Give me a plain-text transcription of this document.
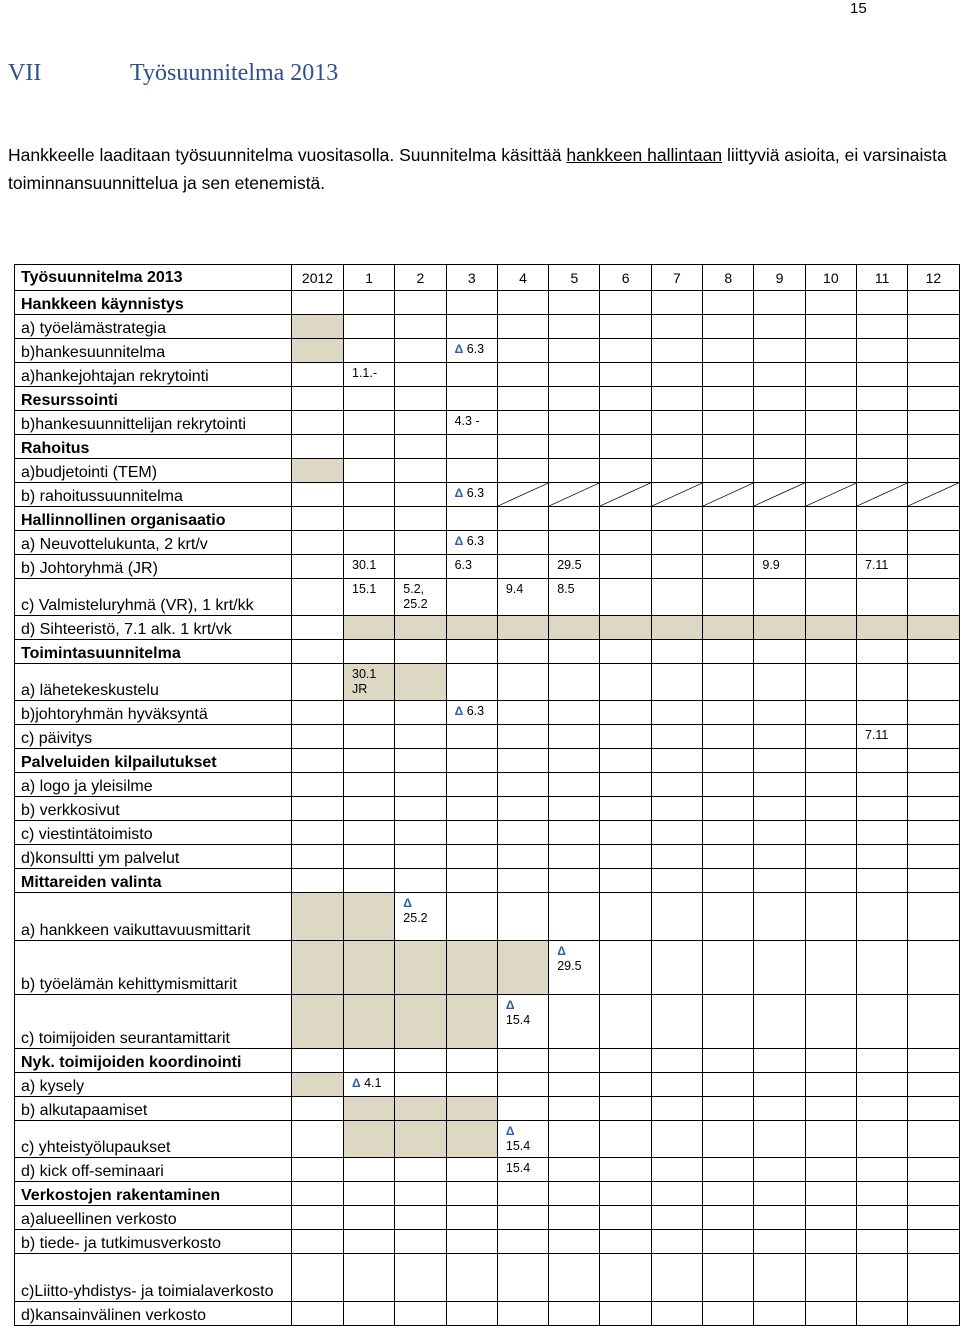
15
VII	Työsuunnitelma 2013
Hankkeelle laaditaan työsuunnitelma vuositasolla. Suunnitelma käsittää hankkeen hallintaan liittyviä asioita, ei varsinaista toiminnansuunnittelua ja sen etenemistä.
Työsuunnitelma 2013	2012	1	2	3	4	5	6	7	8	9	10	11	12
Hankkeen käynnistys													
a) työelämästrategia													
b)hankesuunnitelma				Δ 6.3									

a)hankejohtajan rekrytointi		1.1.-											

Resurssointi													
b)hankesuunnittelijan rekrytointi				4.3 -									

Rahoitus													
a)budjetointi (TEM)													
b) rahoitussuunnitelma				Δ 6.3

Hallinnollinen organisaatio													
a) Neuvottelukunta, 2 krt/v				Δ 6.3									

b) Johtoryhmä (JR)		30.1		6.3		29.5				9.9		7.11	

c) Valmisteluryhmä (VR), 1 krt/kk		15.1	5.2, 25.2		9.4	8.5							

d) Sihteeristö, 7.1 alk. 1 krt/vk													
Toimintasuunnitelma													
a) lähetekeskustelu		30.1 JR											

b)johtoryhmän hyväksyntä				Δ 6.3									

c) päivitys												7.11	

Palveluiden kilpailutukset													
a) logo ja yleisilme													
b) verkkosivut													
c) viestintätoimisto													
d)konsultti ym palvelut													
Mittareiden valinta													
a) hankkeen vaikuttavuusmittarit			Δ
25.2										

b) työelämän kehittymismittarit						Δ
29.5							

c) toimijoiden seurantamittarit					Δ
15.4								

Nyk. toimijoiden koordinointi													
a) kysely		Δ 4.1											

b) alkutapaamiset													
c) yhteistyölupaukset					Δ
15.4								

d) kick off-seminaari					15.4								

Verkostojen rakentaminen													
a)alueellinen verkosto													
b) tiede- ja tutkimusverkosto													
c)Liitto-yhdistys- ja toimialaverkosto													
d)kansainvälinen verkosto													
